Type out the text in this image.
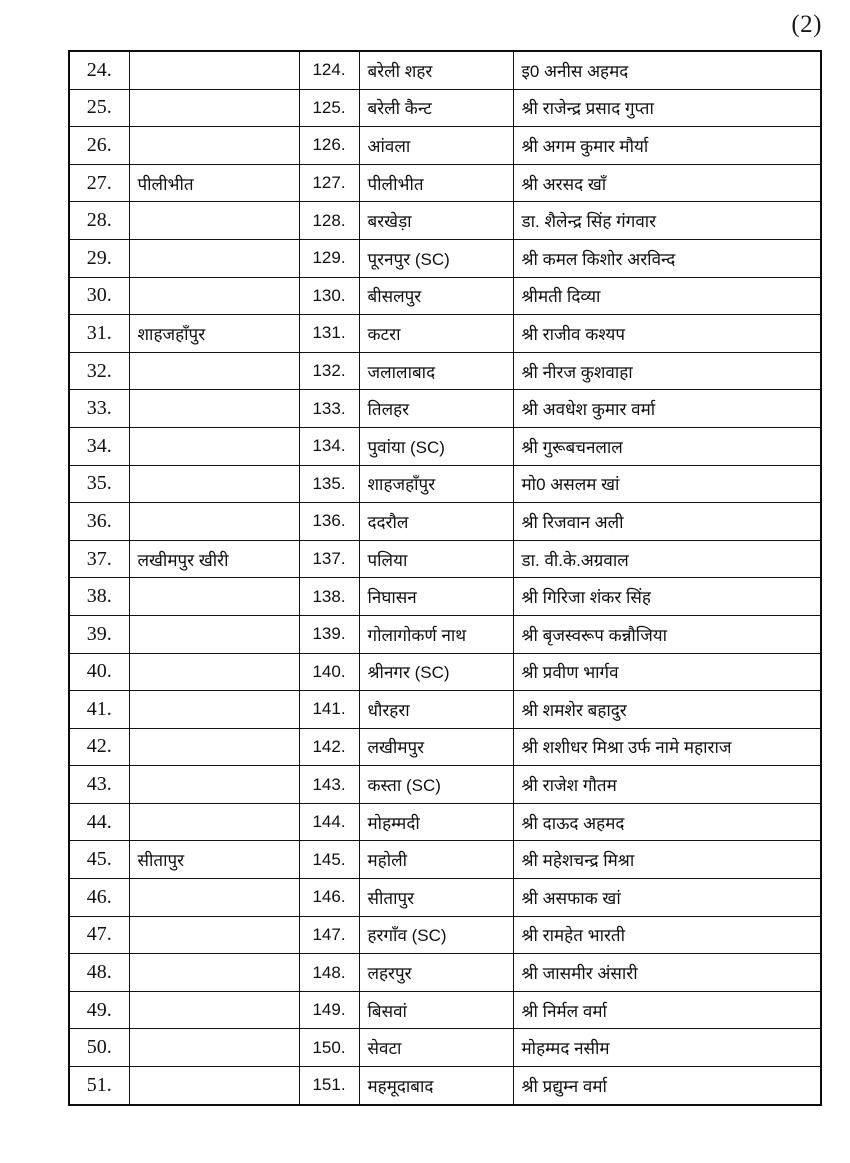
(2)
24.		124.	बरेली शहर	इ0 अनीस अहमद
25.		125.	बरेली कैन्ट	श्री राजेन्द्र प्रसाद गुप्ता
26.		126.	आंवला	श्री अगम कुमार मौर्या
27.	पीलीभीत	127.	पीलीभीत	श्री अरसद खाँ
28.		128.	बरखेड़ा	डा. शैलेन्द्र सिंह गंगवार
29.		129.	पूरनपुर (SC)	श्री कमल किशोर अरविन्द
30.		130.	बीसलपुर	श्रीमती दिव्या
31.	शाहजहाँपुर	131.	कटरा	श्री राजीव कश्यप
32.		132.	जलालाबाद	श्री नीरज कुशवाहा
33.		133.	तिलहर	श्री अवधेश कुमार वर्मा
34.		134.	पुवांया (SC)	श्री गुरूबचनलाल
35.		135.	शाहजहाँपुर	मो0 असलम खां
36.		136.	ददरौल	श्री रिजवान अली
37.	लखीमपुर खीरी	137.	पलिया	डा. वी.के.अग्रवाल
38.		138.	निघासन	श्री गिरिजा शंकर सिंह
39.		139.	गोलागोकर्ण नाथ	श्री बृजस्वरूप कन्नौजिया
40.		140.	श्रीनगर (SC)	श्री प्रवीण भार्गव
41.		141.	धौरहरा	श्री शमशेर बहादुर
42.		142.	लखीमपुर	श्री शशीधर मिश्रा उर्फ नामे महाराज
43.		143.	कस्ता (SC)	श्री राजेश गौतम
44.		144.	मोहम्मदी	श्री दाऊद अहमद
45.	सीतापुर	145.	महोली	श्री महेशचन्द्र मिश्रा
46.		146.	सीतापुर	श्री असफाक खां
47.		147.	हरगाँव (SC)	श्री रामहेत भारती
48.		148.	लहरपुर	श्री जासमीर अंसारी
49.		149.	बिसवां	श्री निर्मल वर्मा
50.		150.	सेवटा	मोहम्मद नसीम
51.		151.	महमूदाबाद	श्री प्रद्युम्न वर्मा
